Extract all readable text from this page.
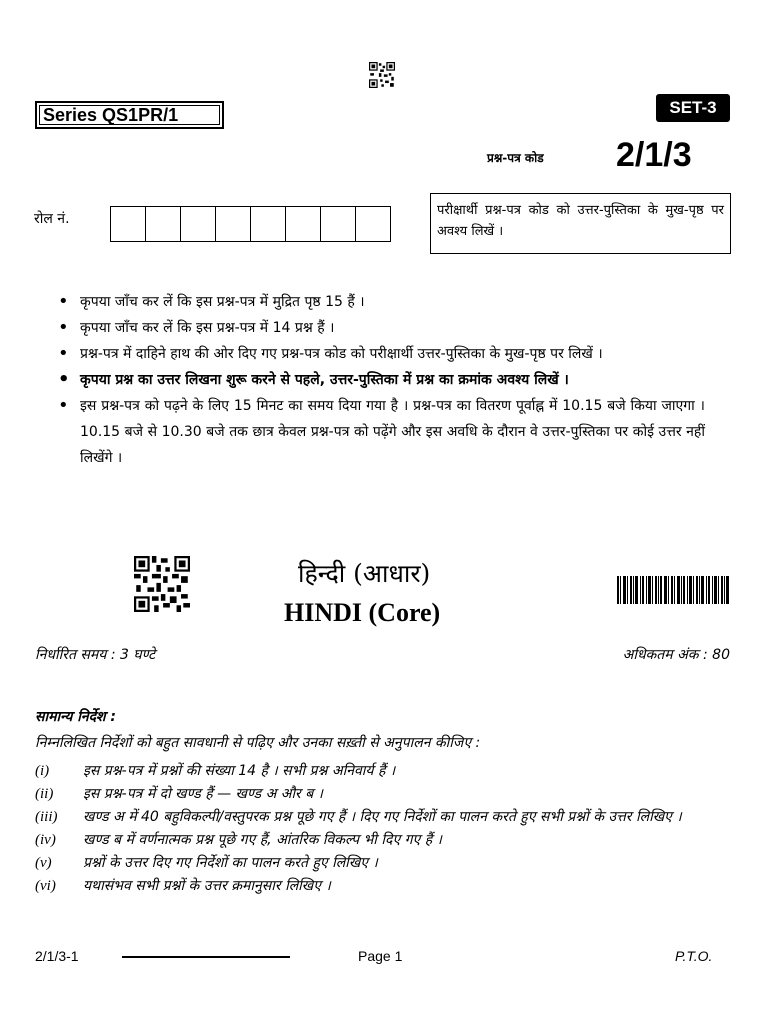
Series QS1PR/1	SET-3
प्रश्न-पत्र कोड 2/1/3
रोल नं.
परीक्षार्थी प्रश्न-पत्र कोड को उत्तर-पुस्तिका के मुख-पृष्ठ पर अवश्य लिखें ।
• कृपया जाँच कर लें कि इस प्रश्न-पत्र में मुद्रित पृष्ठ 15 हैं ।
• कृपया जाँच कर लें कि इस प्रश्न-पत्र में 14 प्रश्न हैं ।
• प्रश्न-पत्र में दाहिने हाथ की ओर दिए गए प्रश्न-पत्र कोड को परीक्षार्थी उत्तर-पुस्तिका के मुख-पृष्ठ पर लिखें ।
• कृपया प्रश्न का उत्तर लिखना शुरू करने से पहले, उत्तर-पुस्तिका में प्रश्न का क्रमांक अवश्य लिखें ।
• इस प्रश्न-पत्र को पढ़ने के लिए 15 मिनट का समय दिया गया है । प्रश्न-पत्र का वितरण पूर्वाह्न में 10.15 बजे किया जाएगा । 10.15 बजे से 10.30 बजे तक छात्र केवल प्रश्न-पत्र को पढ़ेंगे और इस अवधि के दौरान वे उत्तर-पुस्तिका पर कोई उत्तर नहीं लिखेंगे ।
हिन्दी (आधार)
HINDI (Core)
निर्धारित समय : 3 घण्टे	अधिकतम अंक : 80
सामान्य निर्देश :
निम्नलिखित निर्देशों को बहुत सावधानी से पढ़िए और उनका सख़्ती से अनुपालन कीजिए :
(i)	इस प्रश्न-पत्र में प्रश्नों की संख्या 14 है । सभी प्रश्न अनिवार्य हैं ।
(ii)	इस प्रश्न-पत्र में दो खण्ड हैं — खण्ड अ और ब ।
(iii)	खण्ड अ में 40 बहुविकल्पी/वस्तुपरक प्रश्न पूछे गए हैं । दिए गए निर्देशों का पालन करते हुए सभी प्रश्नों के उत्तर लिखिए ।
(iv)	खण्ड ब में वर्णनात्मक प्रश्न पूछे गए हैं, आंतरिक विकल्प भी दिए गए हैं ।
(v)	प्रश्नों के उत्तर दिए गए निर्देशों का पालन करते हुए लिखिए ।
(vi)	यथासंभव सभी प्रश्नों के उत्तर क्रमानुसार लिखिए ।
2/1/3-1	Page 1	P.T.O.
